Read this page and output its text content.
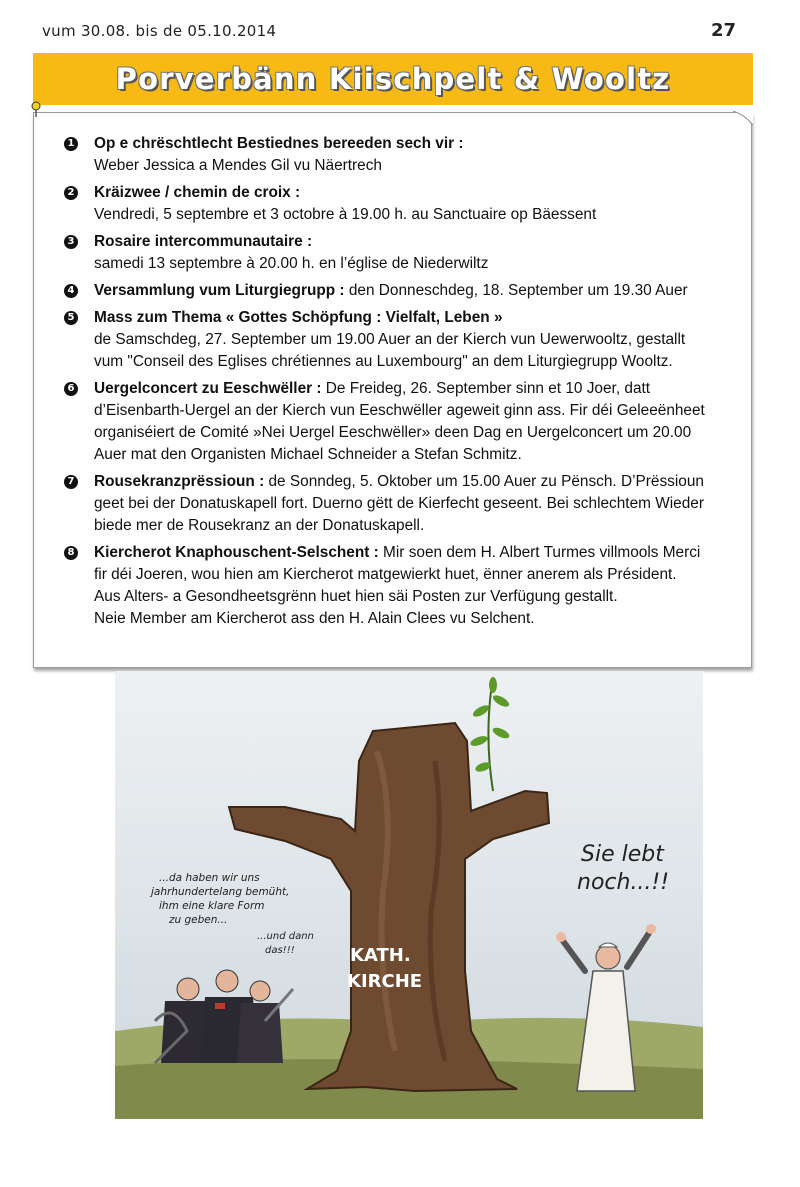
vum 30.08. bis de 05.10.2014	27
Porverbänn Kiischpelt & Wooltz
1 Op e chrëschtlecht Bestiednes bereeden sech vir :
Weber Jessica a Mendes Gil vu Näertrech
2 Kräizwee / chemin de croix :
Vendredi, 5 septembre et 3 octobre à 19.00 h. au Sanctuaire op Bäessent
3 Rosaire intercommunautaire :
samedi 13 septembre à 20.00 h. en l’église de Niederwiltz
4 Versammlung vum Liturgiegrupp : den Donneschdeg, 18. September um 19.30 Auer
5 Mass zum Thema « Gottes Schöpfung : Vielfalt, Leben »
de Samschdeg, 27. September um 19.00 Auer an der Kierch vun Uewerwooltz, gestallt
vum "Conseil des Eglises chrétiennes au Luxembourg" an dem Liturgiegrupp Wooltz.
6 Uergelconcert zu Eeschwëller : De Freideg, 26. September sinn et 10 Joer, datt
d’Eisenbarth-Uergel an der Kierch vun Eeschwëller ageweit ginn ass. Fir déi Geleeënheet
organiséiert de Comité »Nei Uergel Eeschwëller» deen Dag en Uergelconcert um 20.00
Auer mat den Organisten Michael Schneider a Stefan Schmitz.
7 Rousekranzprëssioun : de Sonndeg, 5. Oktober um 15.00 Auer zu Pënsch. D’Prëssioun
geet bei der Donatuskapell fort. Duerno gëtt de Kierfecht geseent. Bei schlechtem Wieder
biede mer de Rousekranz an der Donatuskapell.
8 Kiercherot Knaphouschent-Selschent : Mir soen dem H. Albert Turmes villmools Merci
fir déi Joeren, wou hien am Kiercherot matgewierkt huet, ënner anerem als Président.
Aus Alters- a Gesondheetsgrënn huet hien säi Posten zur Verfügung gestallt.
Neie Member am Kiercherot ass den H. Alain Clees vu Selchent.
KATH.
KIRCHE
Sie lebt
noch...!!
...da haben wir uns
jahrhundertelang bemüht,
ihm eine klare Form
zu geben...
...und dann
das!!!
